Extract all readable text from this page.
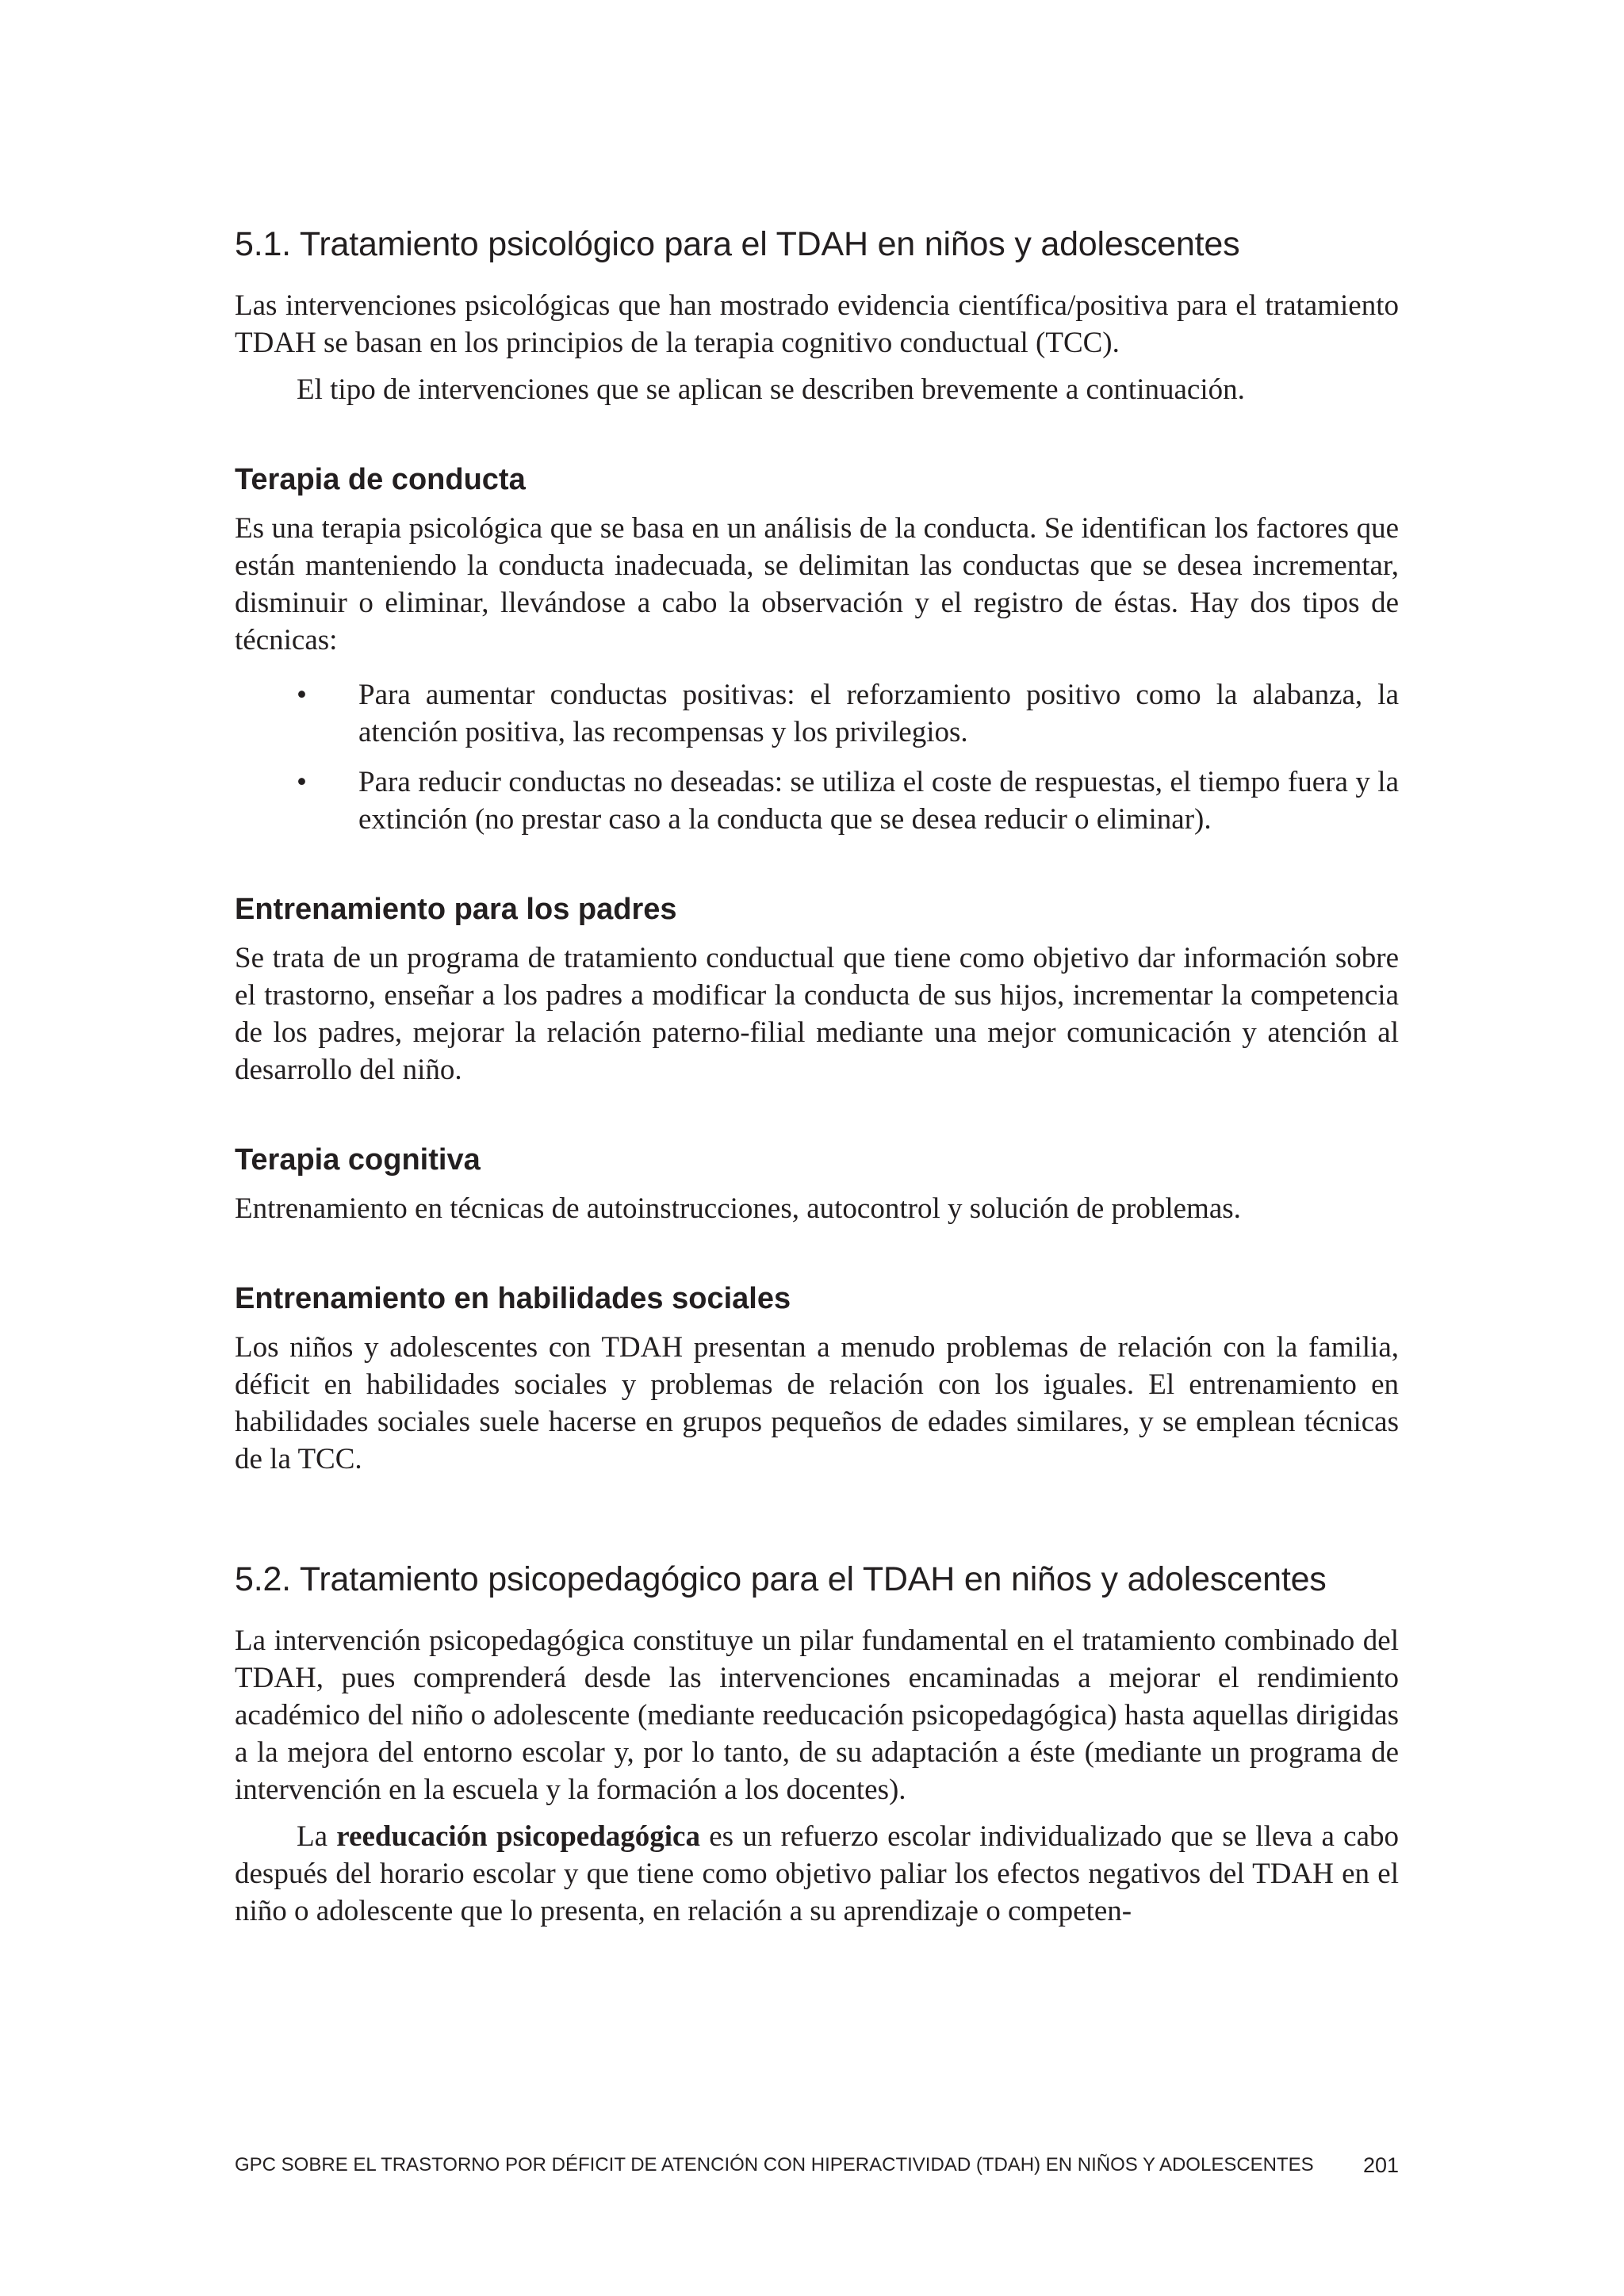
5.1. Tratamiento psicológico para el TDAH en niños y adolescentes

Las intervenciones psicológicas que han mostrado evidencia científica/positiva para el tratamiento TDAH se basan en los principios de la terapia cognitivo conductual (TCC).

El tipo de intervenciones que se aplican se describen brevemente a continuación.

Terapia de conducta

Es una terapia psicológica que se basa en un análisis de la conducta. Se identifican los factores que están manteniendo la conducta inadecuada, se delimitan las conductas que se desea incrementar, disminuir o eliminar, llevándose a cabo la observación y el registro de éstas. Hay dos tipos de técnicas:

• Para aumentar conductas positivas: el reforzamiento positivo como la alabanza, la atención positiva, las recompensas y los privilegios.
• Para reducir conductas no deseadas: se utiliza el coste de respuestas, el tiempo fuera y la extinción (no prestar caso a la conducta que se desea reducir o eliminar).
Entrenamiento para los padres

Se trata de un programa de tratamiento conductual que tiene como objetivo dar información sobre el trastorno, enseñar a los padres a modificar la conducta de sus hijos, incrementar la competencia de los padres, mejorar la relación paterno-filial mediante una mejor comunicación y atención al desarrollo del niño.

Terapia cognitiva

Entrenamiento en técnicas de autoinstrucciones, autocontrol y solución de problemas.

Entrenamiento en habilidades sociales

Los niños y adolescentes con TDAH presentan a menudo problemas de relación con la familia, déficit en habilidades sociales y problemas de relación con los iguales. El entrenamiento en habilidades sociales suele hacerse en grupos pequeños de edades similares, y se emplean técnicas de la TCC.

5.2. Tratamiento psicopedagógico para el TDAH en niños y adolescentes

La intervención psicopedagógica constituye un pilar fundamental en el tratamiento combinado del TDAH, pues comprenderá desde las intervenciones encaminadas a mejorar el rendimiento académico del niño o adolescente (mediante reeducación psicopedagógica) hasta aquellas dirigidas a la mejora del entorno escolar y, por lo tanto, de su adaptación a éste (mediante un programa de intervención en la escuela y la formación a los docentes).

La reeducación psicopedagógica es un refuerzo escolar individualizado que se lleva a cabo después del horario escolar y que tiene como objetivo paliar los efectos negativos del TDAH en el niño o adolescente que lo presenta, en relación a su aprendizaje o competen-

GPC SOBRE EL TRASTORNO POR DÉFICIT DE ATENCIÓN CON HIPERACTIVIDAD (TDAH) EN NIÑOS Y ADOLESCENTES 201
